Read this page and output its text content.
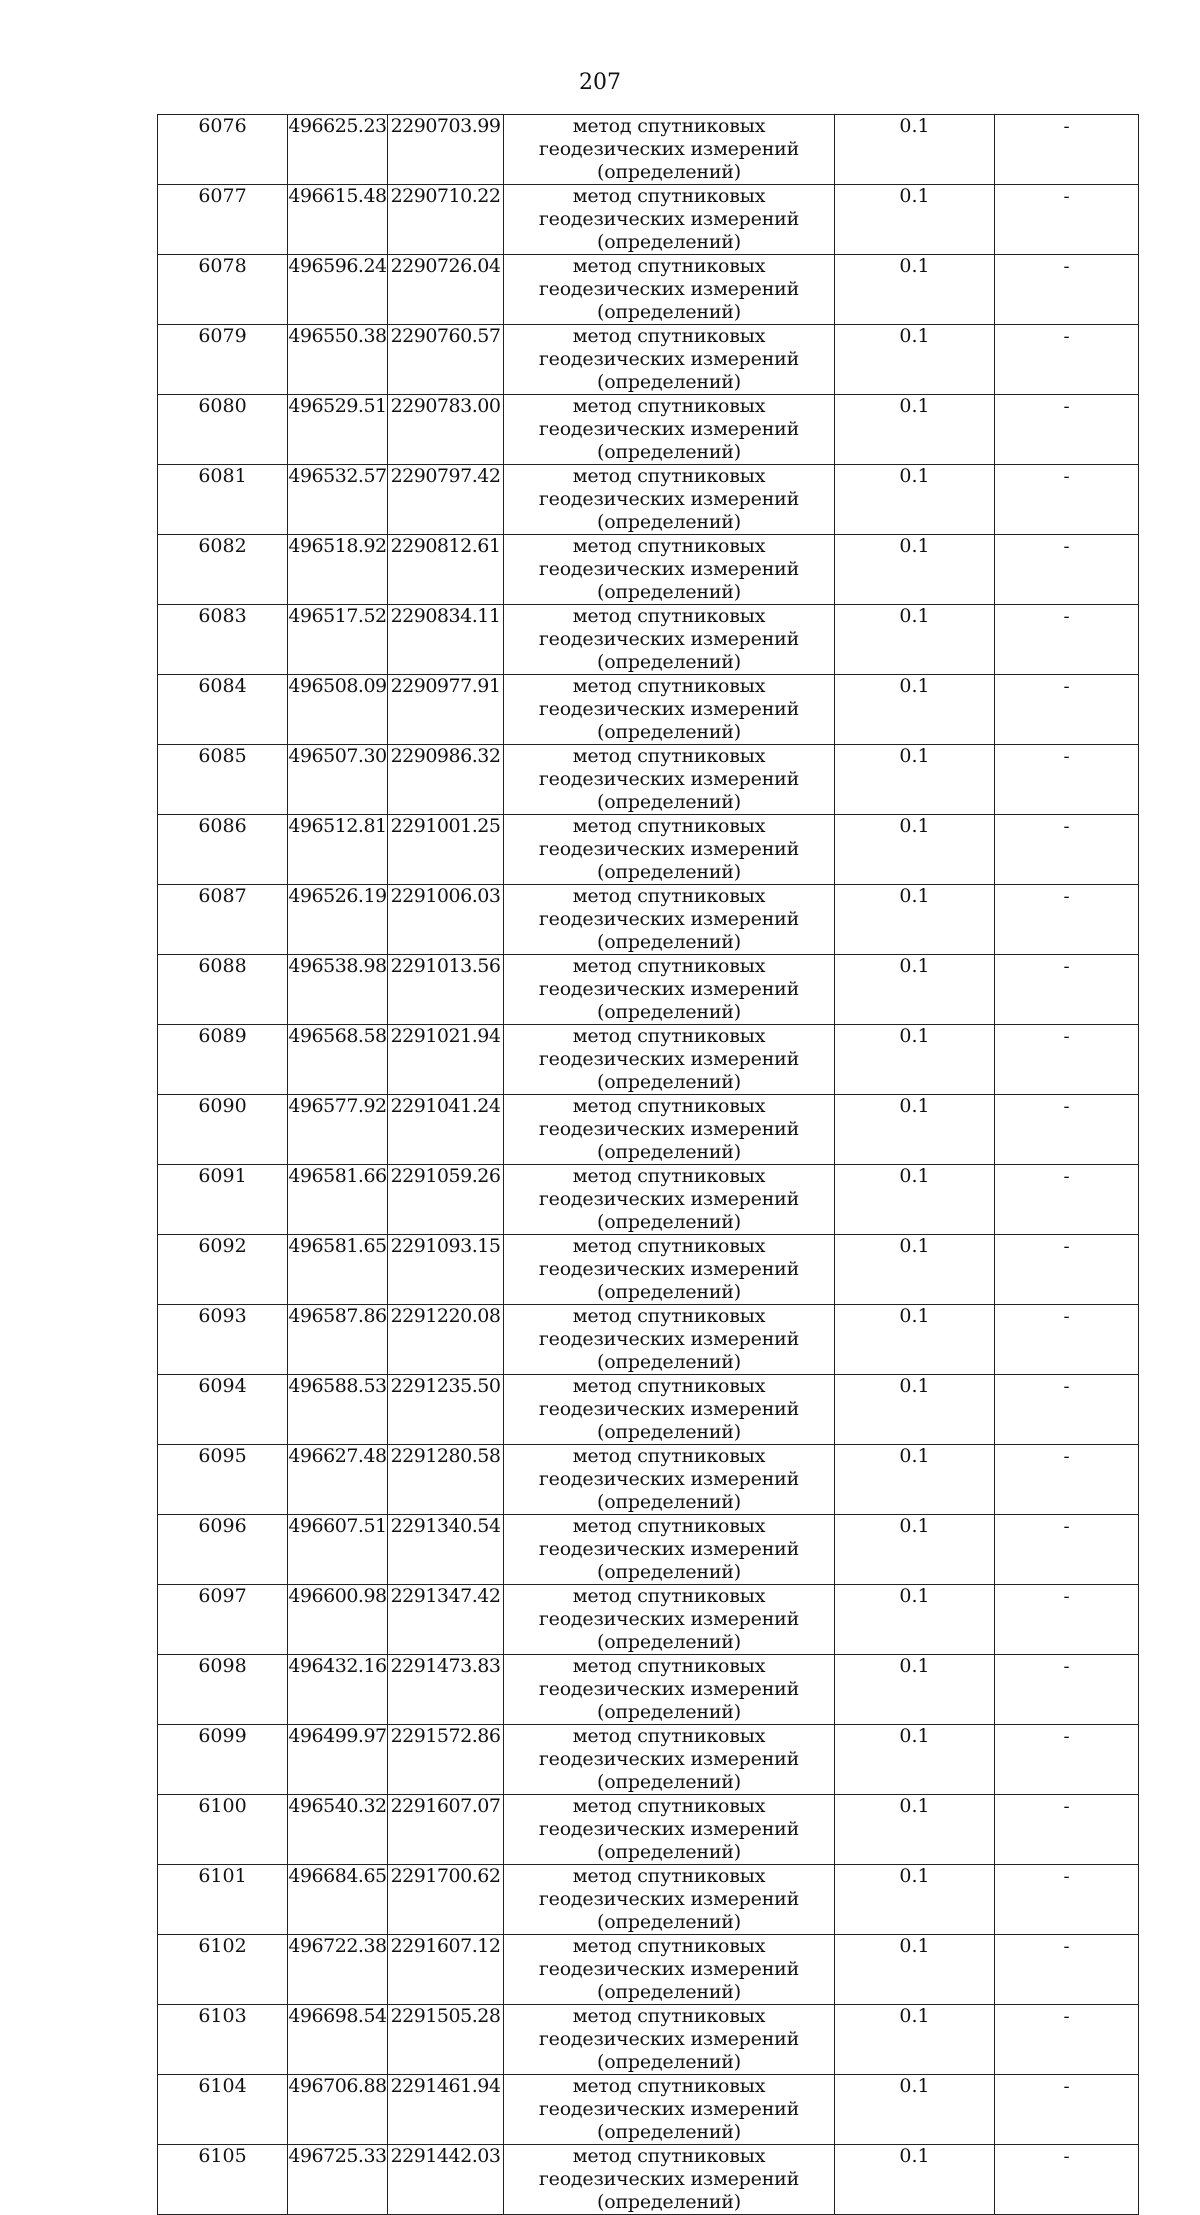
207
6076	496625.23	2290703.99	метод спутниковых геодезических измерений (определений)	0.1	-
6077	496615.48	2290710.22	метод спутниковых геодезических измерений (определений)	0.1	-
6078	496596.24	2290726.04	метод спутниковых геодезических измерений (определений)	0.1	-
6079	496550.38	2290760.57	метод спутниковых геодезических измерений (определений)	0.1	-
6080	496529.51	2290783.00	метод спутниковых геодезических измерений (определений)	0.1	-
6081	496532.57	2290797.42	метод спутниковых геодезических измерений (определений)	0.1	-
6082	496518.92	2290812.61	метод спутниковых геодезических измерений (определений)	0.1	-
6083	496517.52	2290834.11	метод спутниковых геодезических измерений (определений)	0.1	-
6084	496508.09	2290977.91	метод спутниковых геодезических измерений (определений)	0.1	-
6085	496507.30	2290986.32	метод спутниковых геодезических измерений (определений)	0.1	-
6086	496512.81	2291001.25	метод спутниковых геодезических измерений (определений)	0.1	-
6087	496526.19	2291006.03	метод спутниковых геодезических измерений (определений)	0.1	-
6088	496538.98	2291013.56	метод спутниковых геодезических измерений (определений)	0.1	-
6089	496568.58	2291021.94	метод спутниковых геодезических измерений (определений)	0.1	-
6090	496577.92	2291041.24	метод спутниковых геодезических измерений (определений)	0.1	-
6091	496581.66	2291059.26	метод спутниковых геодезических измерений (определений)	0.1	-
6092	496581.65	2291093.15	метод спутниковых геодезических измерений (определений)	0.1	-
6093	496587.86	2291220.08	метод спутниковых геодезических измерений (определений)	0.1	-
6094	496588.53	2291235.50	метод спутниковых геодезических измерений (определений)	0.1	-
6095	496627.48	2291280.58	метод спутниковых геодезических измерений (определений)	0.1	-
6096	496607.51	2291340.54	метод спутниковых геодезических измерений (определений)	0.1	-
6097	496600.98	2291347.42	метод спутниковых геодезических измерений (определений)	0.1	-
6098	496432.16	2291473.83	метод спутниковых геодезических измерений (определений)	0.1	-
6099	496499.97	2291572.86	метод спутниковых геодезических измерений (определений)	0.1	-
6100	496540.32	2291607.07	метод спутниковых геодезических измерений (определений)	0.1	-
6101	496684.65	2291700.62	метод спутниковых геодезических измерений (определений)	0.1	-
6102	496722.38	2291607.12	метод спутниковых геодезических измерений (определений)	0.1	-
6103	496698.54	2291505.28	метод спутниковых геодезических измерений (определений)	0.1	-
6104	496706.88	2291461.94	метод спутниковых геодезических измерений (определений)	0.1	-
6105	496725.33	2291442.03	метод спутниковых геодезических измерений (определений)	0.1	-
